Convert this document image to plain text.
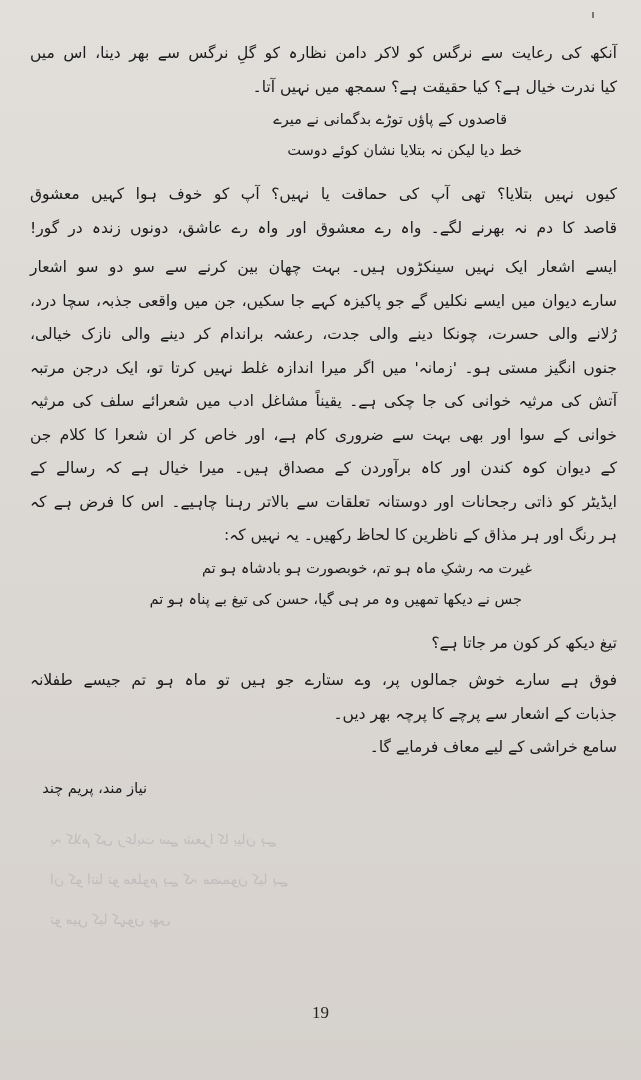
یہ کلام کی رعایت سے شعرا کا بیان ہے
ان کو اتنا تو معلوم ہے کہ مضمون کیا ہے
تو میں کیا کہوں بھی
آنکھ کی رعایت سے نرگس کو لاکر دامن نظارہ کو گلِ نرگس سے بھر دینا، اس میں
کیا ندرت خیال ہے؟ کیا حقیقت ہے؟ سمجھ میں نہیں آتا۔
قاصدوں کے پاؤں توڑے بدگمانی نے میرے
خط دیا لیکن نہ بتلایا نشان کوئے دوست
کیوں نہیں بتلایا؟ تھی آپ کی حماقت یا نہیں؟ آپ کو خوف ہوا کہیں معشوق
قاصد کا دم نہ بھرنے لگے۔ واہ رے معشوق اور واہ رے عاشق، دونوں زندہ در گور!
ایسے اشعار ایک نہیں سینکڑوں ہیں۔ بہت چھان بین کرنے سے سو دو سو اشعار
سارے دیوان میں ایسے نکلیں گے جو پاکیزہ کہے جا سکیں، جن میں واقعی جذبہ، سچا درد،
رُلانے والی حسرت، چونکا دینے والی جدت، رعشہ براندام کر دینے والی نازک خیالی،
جنوں انگیز مستی ہو۔ 'زمانہ' میں اگر میرا اندازہ غلط نہیں کرتا تو، ایک درجن مرتبہ
آتش کی مرثیہ خوانی کی جا چکی ہے۔ یقیناً مشاغل ادب میں شعرائے سلف کی مرثیہ
خوانی کے سوا اور بھی بہت سے ضروری کام ہے، اور خاص کر ان شعرا کا کلام جن
کے دیوان کوہ کندن اور کاہ برآوردن کے مصداق ہیں۔ میرا خیال ہے کہ رسالے کے
ایڈیٹر کو ذاتی رجحانات اور دوستانہ تعلقات سے بالاتر رہنا چاہیے۔ اس کا فرض ہے کہ
ہر رنگ اور ہر مذاق کے ناظرین کا لحاظ رکھیں۔ یہ نہیں کہ:
غیرت مہ رشکِ ماہ ہو تم، خوبصورت ہو بادشاہ ہو تم
جس نے دیکھا تمھیں وہ مر ہی گیا، حسن کی تیغ بے پناہ ہو تم
تیغ دیکھ کر کون مر جاتا ہے؟
فوق ہے سارے خوش جمالوں پر، وے ستارے جو ہیں تو ماہ ہو تم جیسے طفلانہ
جذبات کے اشعار سے پرچے کا پرچہ بھر دیں۔
سامع خراشی کے لیے معاف فرمایے گا۔
نیاز مند، پریم چند
19
